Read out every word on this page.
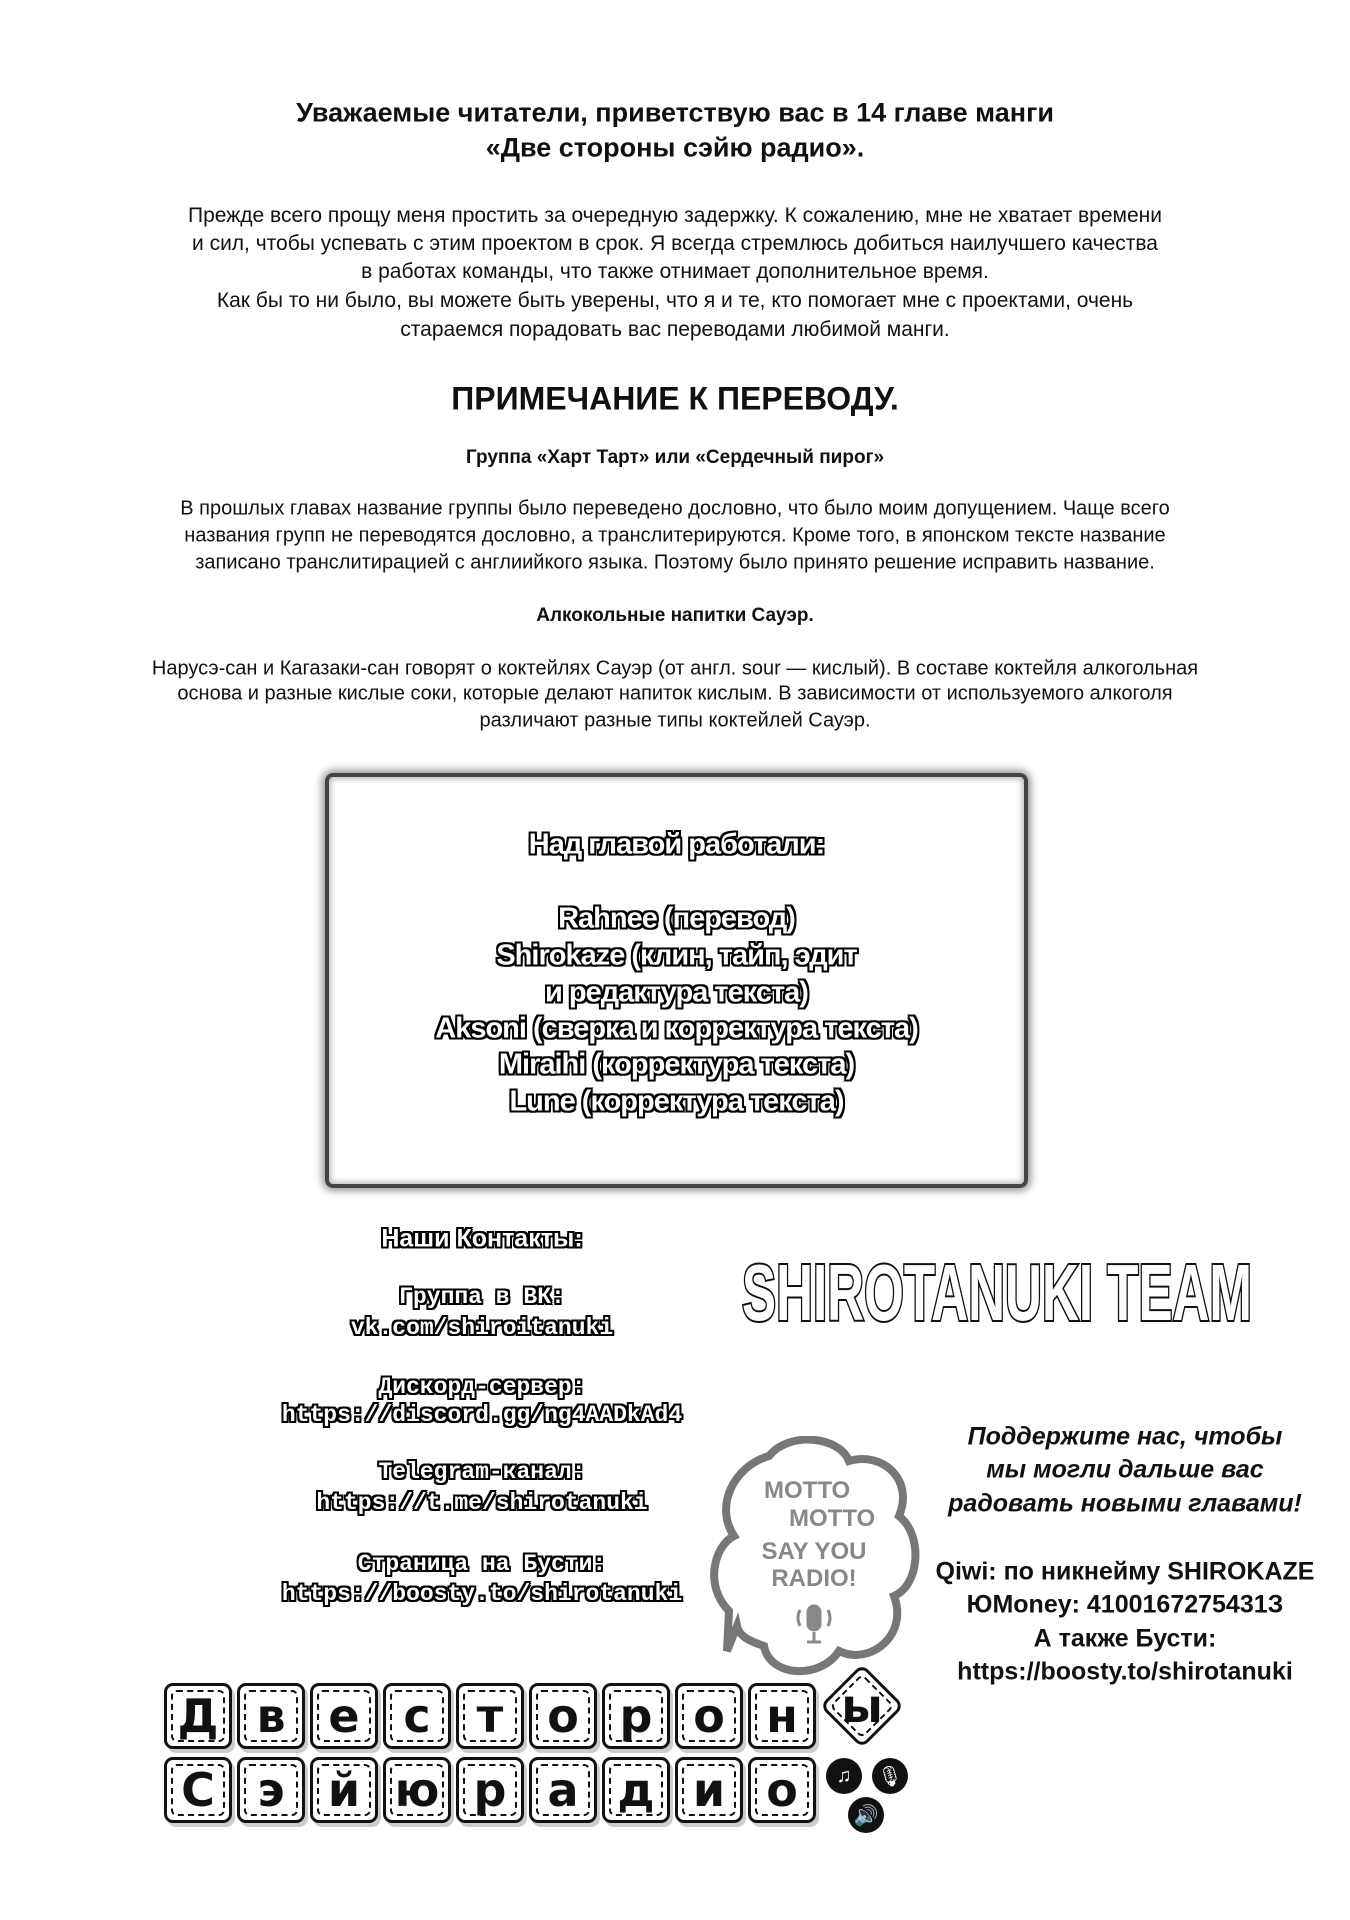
Уважаемые читатели, приветствую вас в 14 главе манги
«Две стороны сэйю радио».
Прежде всего прощу меня простить за очередную задержку. К сожалению, мне не хватает времени
и сил, чтобы успевать с этим проектом в срок. Я всегда стремлюсь добиться наилучшего качества
в работах команды, что также отнимает дополнительное время.
Как бы то ни было, вы можете быть уверены, что я и те, кто помогает мне с проектами, очень
стараемся порадовать вас переводами любимой манги.
ПРИМЕЧАНИЕ К ПЕРЕВОДУ.
Группа «Харт Тарт» или «Сердечный пирог»
В прошлых главах название группы было переведено дословно, что было моим допущением. Чаще всего
названия групп не переводятся дословно, а транслитерируются. Кроме того, в японском тексте название
записано транслитирацией с англиийкого языка. Поэтому было принято решение исправить название.
Алкокольные напитки Сауэр.
Нарусэ-сан и Кагазаки-сан говорят о коктейлях Сауэр (от англ. sour — кислый). В составе коктейля алкогольная
основа и разные кислые соки, которые делают напиток кислым. В зависимости от используемого алкоголя
различают разные типы коктейлей Сауэр.
Над главой работали:
Rahnee (перевод)
Shirokaze (клин, тайп, эдит
и редактура текста)
Aksoni (сверка и корректура текста)
Miraihi (корректура текста)
Lune (корректура текста)
Наши Контакты:
Группа в ВК:
vk.com/shiroitanuki
Дискорд-сервер:
https://discord.gg/ng4AADkAd4
Telegram-канал:
https://t.me/shirotanuki
Страница на Бусти:
https://boosty.to/shirotanuki
SHIROTANUKI TEAM
MOTTO
MOTTO
SAY YOU
RADIO!
Поддержите нас, чтобы
мы могли дальше вас
радовать новыми главами!
Qiwi: по никнейму SHIROKAZE
ЮMoney: 4100167275431З
А также Бусти:
https://boosty.to/shirotanuki
Д в е с	т о р о н
С э й ю р а д и о
ы
♫	🎙
🔊
